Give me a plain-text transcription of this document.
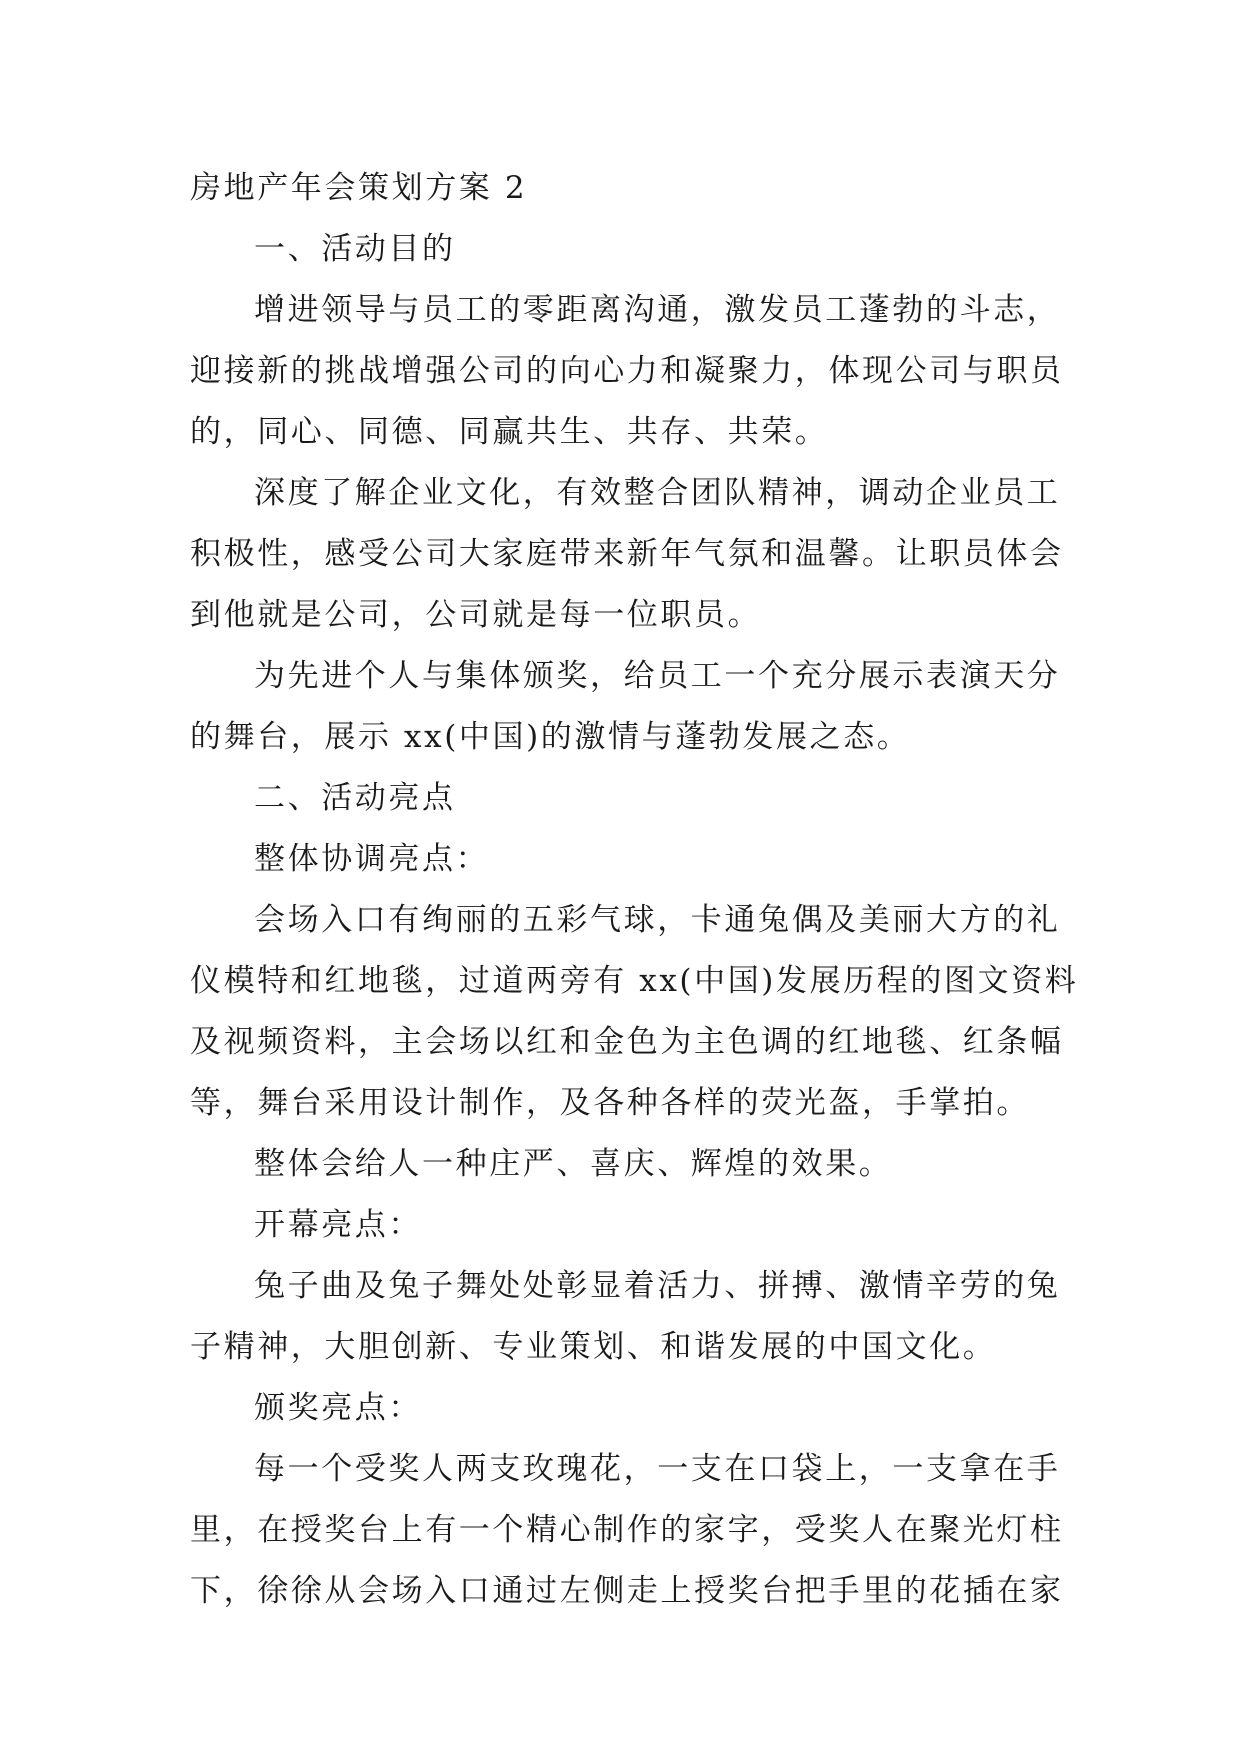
房地产年会策划方案 2
一、活动目的
增进领导与员工的零距离沟通，激发员工蓬勃的斗志，
迎接新的挑战增强公司的向心力和凝聚力，体现公司与职员
的，同心、同德、同赢共生、共存、共荣。
深度了解企业文化，有效整合团队精神，调动企业员工
积极性，感受公司大家庭带来新年气氛和温馨。让职员体会
到他就是公司，公司就是每一位职员。
为先进个人与集体颁奖，给员工一个充分展示表演天分
的舞台，展示 xx(中国)的激情与蓬勃发展之态。
二、活动亮点
整体协调亮点：
会场入口有绚丽的五彩气球，卡通兔偶及美丽大方的礼
仪模特和红地毯，过道两旁有 xx(中国)发展历程的图文资料
及视频资料，主会场以红和金色为主色调的红地毯、红条幅
等，舞台采用设计制作，及各种各样的荧光盔，手掌拍。
整体会给人一种庄严、喜庆、辉煌的效果。
开幕亮点：
兔子曲及兔子舞处处彰显着活力、拼搏、激情辛劳的兔
子精神，大胆创新、专业策划、和谐发展的中国文化。
颁奖亮点：
每一个受奖人两支玫瑰花，一支在口袋上，一支拿在手
里，在授奖台上有一个精心制作的家字，受奖人在聚光灯柱
下，徐徐从会场入口通过左侧走上授奖台把手里的花插在家
